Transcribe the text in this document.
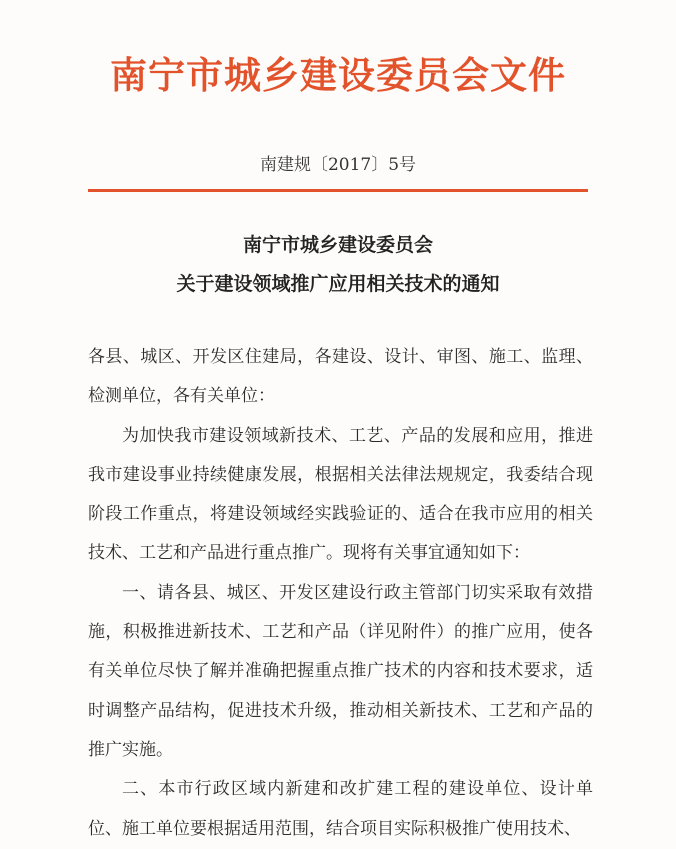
南宁市城乡建设委员会文件
南建规〔2017〕5号
南宁市城乡建设委员会
关于建设领域推广应用相关技术的通知

各县、城区、开发区住建局，各建设、设计、审图、施工、监理、检测单位，各有关单位：

为加快我市建设领域新技术、工艺、产品的发展和应用，推进我市建设事业持续健康发展，根据相关法律法规规定，我委结合现阶段工作重点，将建设领域经实践验证的、适合在我市应用的相关技术、工艺和产品进行重点推广。现将有关事宜通知如下：

一、请各县、城区、开发区建设行政主管部门切实采取有效措施，积极推进新技术、工艺和产品（详见附件）的推广应用，使各有关单位尽快了解并准确把握重点推广技术的内容和技术要求，适时调整产品结构，促进技术升级，推动相关新技术、工艺和产品的推广实施。

二、本市行政区域内新建和改扩建工程的建设单位、设计单位、施工单位要根据适用范围，结合项目实际积极推广使用技术、
